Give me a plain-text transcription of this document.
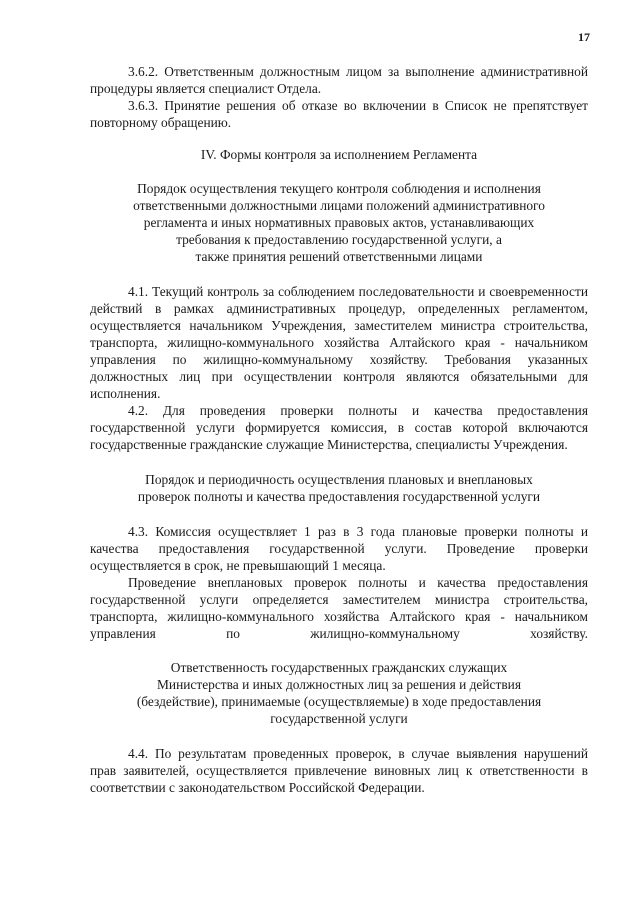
17

3.6.2. Ответственным должностным лицом за выполнение административной процедуры является специалист Отдела.

3.6.3. Принятие решения об отказе во включении в Список не препятствует повторному обращению.

IV. Формы контроля за исполнением Регламента

Порядок осуществления текущего контроля соблюдения и исполнения

ответственными должностными лицами положений административного

регламента и иных нормативных правовых актов, устанавливающих

требования к предоставлению государственной услуги, а

также принятия решений ответственными лицами

4.1. Текущий контроль за соблюдением последовательности и своевременности действий в рамках административных процедур, определенных регламентом, осуществляется начальником Учреждения, заместителем министра строительства, транспорта, жилищно-коммунального хозяйства Алтайского края - начальником управления по жилищно-коммунальному хозяйству. Требования указанных должностных лиц при осуществлении контроля являются обязательными для исполнения.

4.2. Для проведения проверки полноты и качества предоставления государственной услуги формируется комиссия, в состав которой включаются государственные гражданские служащие Министерства, специалисты Учреждения.

Порядок и периодичность осуществления плановых и внеплановых

проверок полноты и качества предоставления государственной услуги

4.3. Комиссия осуществляет 1 раз в 3 года плановые проверки полноты и качества предоставления государственной услуги. Проведение проверки осуществляется в срок, не превышающий 1 месяца.

Проведение внеплановых проверок полноты и качества предоставления государственной услуги определяется заместителем министра строительства, транспорта, жилищно-коммунального хозяйства Алтайского края - начальником управления по жилищно-коммунальному хозяйству.

Ответственность государственных гражданских служащих

Министерства и иных должностных лиц за решения и действия

(бездействие), принимаемые (осуществляемые) в ходе предоставления

государственной услуги

4.4. По результатам проведенных проверок, в случае выявления нарушений прав заявителей, осуществляется привлечение виновных лиц к ответственности в соответствии с законодательством Российской Федерации.
